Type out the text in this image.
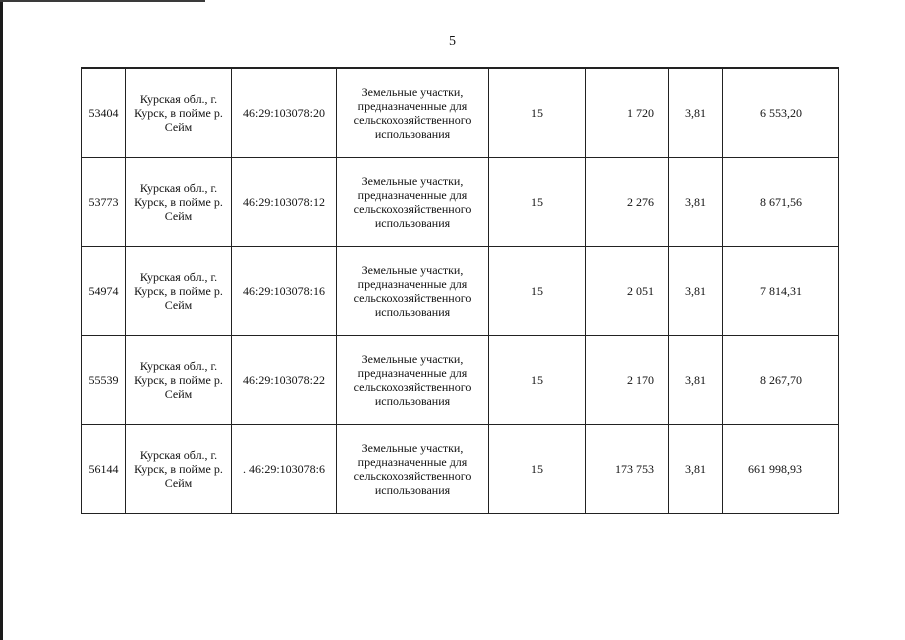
5
53404	Курская обл., г. Курск, в пойме р. Сейм	46:29:103078:20	Земельные участки, предназначенные для сельскохозяйственного использования	15	1 720	3,81	6 553,20
53773	Курская обл., г. Курск, в пойме р. Сейм	46:29:103078:12	Земельные участки, предназначенные для сельскохозяйственного использования	15	2 276	3,81	8 671,56
54974	Курская обл., г. Курск, в пойме р. Сейм	46:29:103078:16	Земельные участки, предназначенные для сельскохозяйственного использования	15	2 051	3,81	7 814,31
55539	Курская обл., г. Курск, в пойме р. Сейм	46:29:103078:22	Земельные участки, предназначенные для сельскохозяйственного использования	15	2 170	3,81	8 267,70
56144	Курская обл., г. Курск, в пойме р. Сейм	. 46:29:103078:6	Земельные участки, предназначенные для сельскохозяйственного использования	15	173 753	3,81	661 998,93
